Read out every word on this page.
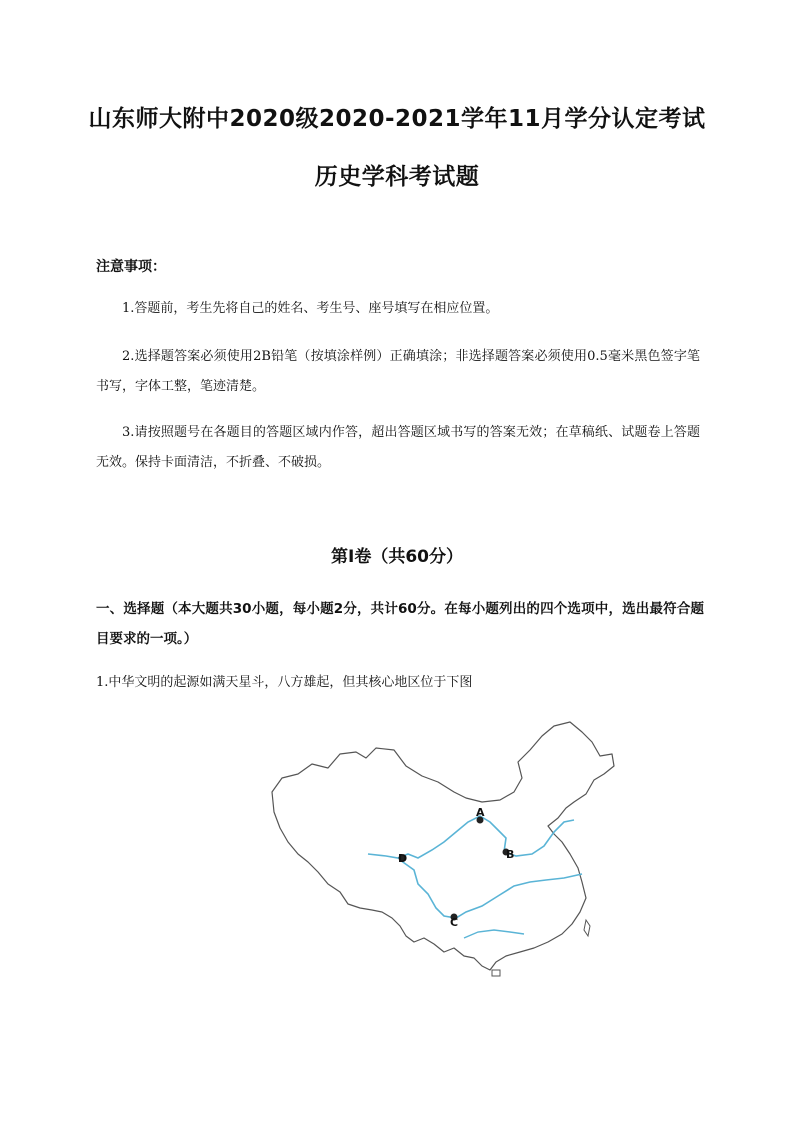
山东师大附中2020级2020-2021学年11月学分认定考试
历史学科考试题
注意事项：
1.答题前，考生先将自己的姓名、考生号、座号填写在相应位置。
2.选择题答案必须使用2B铅笔（按填涂样例）正确填涂；非选择题答案必须使用0.5毫米黑色签字笔书写，字体工整，笔迹清楚。
3.请按照题号在各题目的答题区域内作答，超出答题区域书写的答案无效；在草稿纸、试题卷上答题无效。保持卡面清洁，不折叠、不破损。
第Ⅰ卷（共60分）
一、选择题（本大题共30小题，每小题2分，共计60分。在每小题列出的四个选项中，选出最符合题目要求的一项。）
1.中华文明的起源如满天星斗，八方雄起，但其核心地区位于下图
A
B
C
D
